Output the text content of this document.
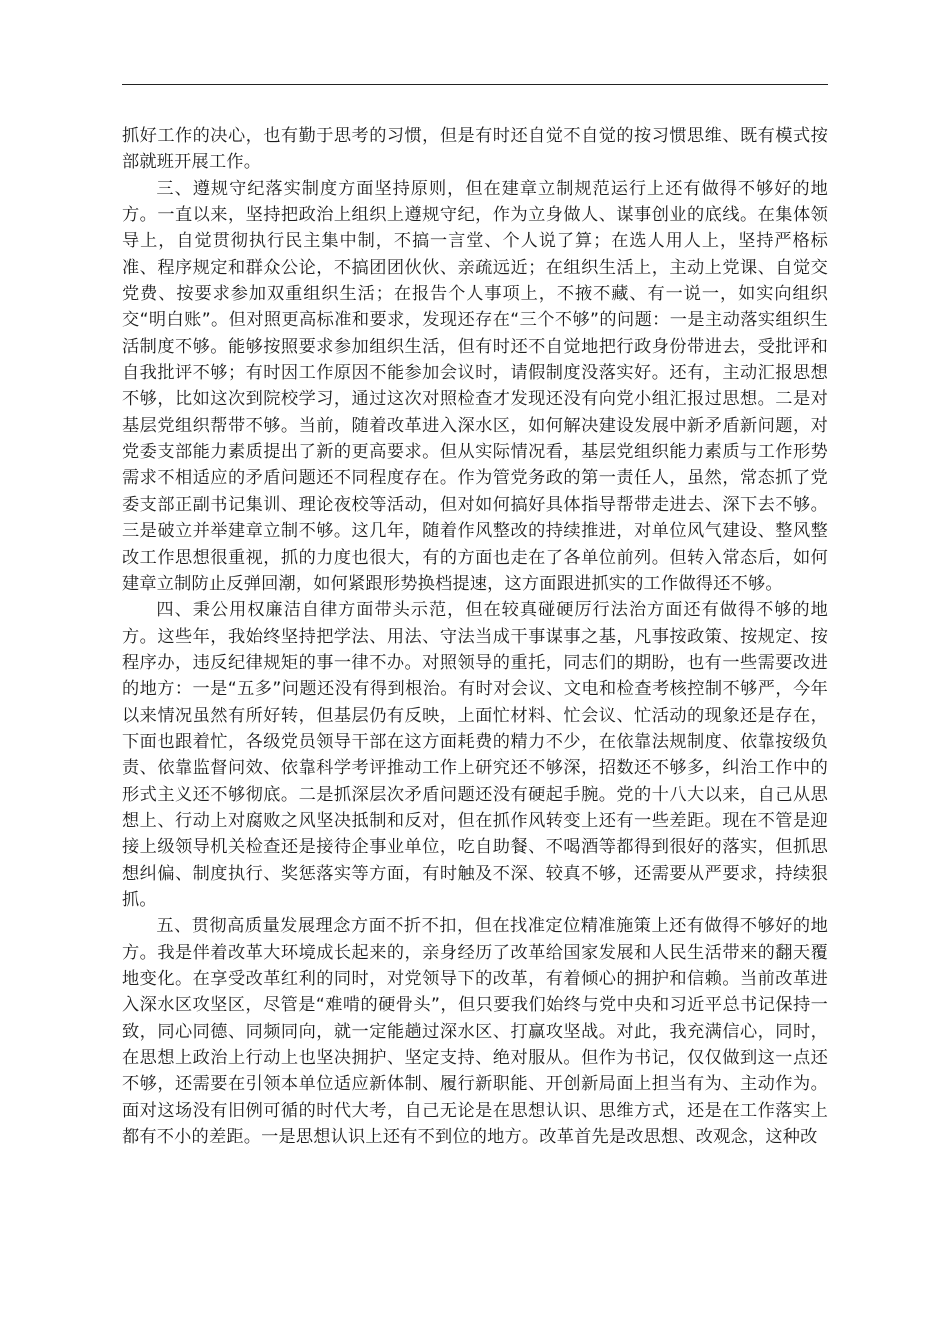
抓好工作的决心，也有勤于思考的习惯，但是有时还自觉不自觉的按习惯思维、既有模式按部就班开展工作。

三、遵规守纪落实制度方面坚持原则，但在建章立制规范运行上还有做得不够好的地方。一直以来，坚持把政治上组织上遵规守纪，作为立身做人、谋事创业的底线。在集体领导上，自觉贯彻执行民主集中制，不搞一言堂、个人说了算；在选人用人上，坚持严格标准、程序规定和群众公论，不搞团团伙伙、亲疏远近；在组织生活上，主动上党课、自觉交党费、按要求参加双重组织生活；在报告个人事项上，不掖不藏、有一说一，如实向组织交“明白账”。但对照更高标准和要求，发现还存在“三个不够”的问题：一是主动落实组织生活制度不够。能够按照要求参加组织生活，但有时还不自觉地把行政身份带进去，受批评和自我批评不够；有时因工作原因不能参加会议时，请假制度没落实好。还有，主动汇报思想不够，比如这次到院校学习，通过这次对照检查才发现还没有向党小组汇报过思想。二是对基层党组织帮带不够。当前，随着改革进入深水区，如何解决建设发展中新矛盾新问题，对党委支部能力素质提出了新的更高要求。但从实际情况看，基层党组织能力素质与工作形势需求不相适应的矛盾问题还不同程度存在。作为管党务政的第一责任人，虽然，常态抓了党委支部正副书记集训、理论夜校等活动，但对如何搞好具体指导帮带走进去、深下去不够。三是破立并举建章立制不够。这几年，随着作风整改的持续推进，对单位风气建设、整风整改工作思想很重视，抓的力度也很大，有的方面也走在了各单位前列。但转入常态后，如何建章立制防止反弹回潮，如何紧跟形势换档提速，这方面跟进抓实的工作做得还不够。

四、秉公用权廉洁自律方面带头示范，但在较真碰硬厉行法治方面还有做得不够的地方。这些年，我始终坚持把学法、用法、守法当成干事谋事之基，凡事按政策、按规定、按程序办，违反纪律规矩的事一律不办。对照领导的重托，同志们的期盼，也有一些需要改进的地方：一是“五多”问题还没有得到根治。有时对会议、文电和检查考核控制不够严，今年以来情况虽然有所好转，但基层仍有反映，上面忙材料、忙会议、忙活动的现象还是存在，下面也跟着忙，各级党员领导干部在这方面耗费的精力不少，在依靠法规制度、依靠按级负责、依靠监督问效、依靠科学考评推动工作上研究还不够深，招数还不够多，纠治工作中的形式主义还不够彻底。二是抓深层次矛盾问题还没有硬起手腕。党的十八大以来，自己从思想上、行动上对腐败之风坚决抵制和反对，但在抓作风转变上还有一些差距。现在不管是迎接上级领导机关检查还是接待企事业单位，吃自助餐、不喝酒等都得到很好的落实，但抓思想纠偏、制度执行、奖惩落实等方面，有时触及不深、较真不够，还需要从严要求，持续狠抓。

五、贯彻高质量发展理念方面不折不扣，但在找准定位精准施策上还有做得不够好的地方。我是伴着改革大环境成长起来的，亲身经历了改革给国家发展和人民生活带来的翻天覆地变化。在享受改革红利的同时，对党领导下的改革，有着倾心的拥护和信赖。当前改革进入深水区攻坚区，尽管是“难啃的硬骨头”，但只要我们始终与党中央和习近平总书记保持一致，同心同德、同频同向，就一定能趟过深水区、打赢攻坚战。对此，我充满信心，同时，在思想上政治上行动上也坚决拥护、坚定支持、绝对服从。但作为书记，仅仅做到这一点还不够，还需要在引领本单位适应新体制、履行新职能、开创新局面上担当有为、主动作为。面对这场没有旧例可循的时代大考，自己无论是在思想认识、思维方式，还是在工作落实上都有不小的差距。一是思想认识上还有不到位的地方。改革首先是改思想、改观念，这种改
